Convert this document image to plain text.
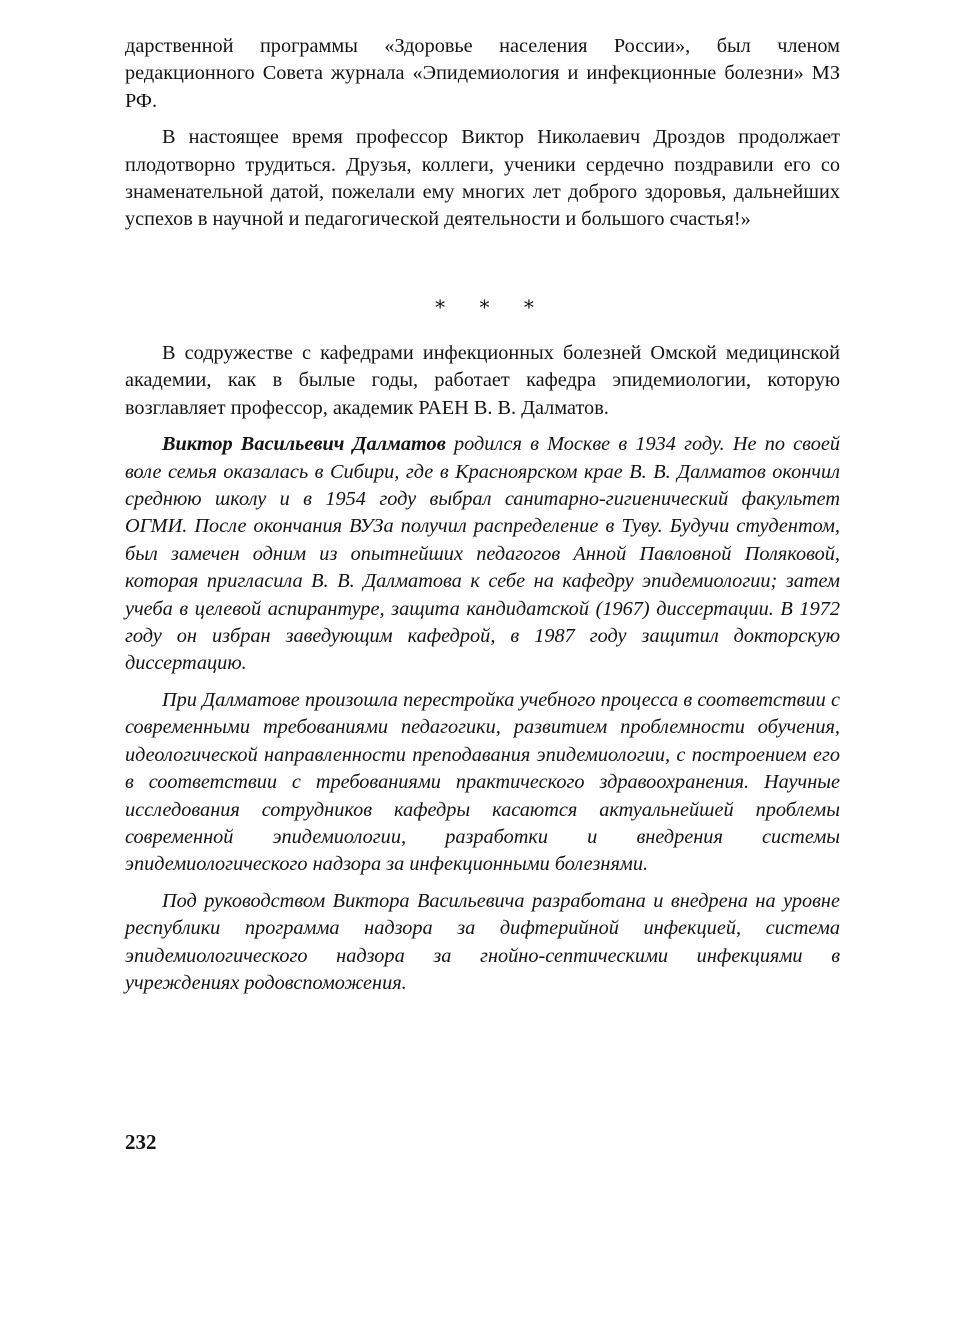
дарственной программы «Здоровье населения России», был членом редакционного Совета журнала «Эпидемиология и инфекционные болезни» МЗ РФ.

В настоящее время профессор Виктор Николаевич Дроздов продолжает плодотворно трудиться. Друзья, коллеги, ученики сердечно поздравили его со знаменательной датой, пожелали ему многих лет доброго здоровья, дальнейших успехов в научной и педагогической деятельности и большого счастья!»

* * *

В содружестве с кафедрами инфекционных болезней Омской медицинской академии, как в былые годы, работает кафедра эпидемиологии, которую возглавляет профессор, академик РАЕН В. В. Далматов.

Виктор Васильевич Далматов родился в Москве в 1934 году. Не по своей воле семья оказалась в Сибири, где в Красноярском крае В. В. Далматов окончил среднюю школу и в 1954 году выбрал санитарно-гигиенический факультет ОГМИ. После окончания ВУЗа получил распределение в Туву. Будучи студентом, был замечен одним из опытнейших педагогов Анной Павловной Поляковой, которая пригласила В. В. Далматова к себе на кафедру эпидемиологии; затем учеба в целевой аспирантуре, защита кандидатской (1967) диссертации. В 1972 году он избран заведующим кафедрой, в 1987 году защитил докторскую диссертацию.

При Далматове произошла перестройка учебного процесса в соответствии с современными требованиями педагогики, развитием проблемности обучения, идеологической направленности преподавания эпидемиологии, с построением его в соответствии с требованиями практического здравоохранения. Научные исследования сотрудников кафедры касаются актуальнейшей проблемы современной эпидемиологии, разработки и внедрения системы эпидемиологического надзора за инфекционными болезнями.

Под руководством Виктора Васильевича разработана и внедрена на уровне республики программа надзора за дифтерийной инфекцией, система эпидемиологического надзора за гнойно-септическими инфекциями в учреждениях родовспоможения.

232
